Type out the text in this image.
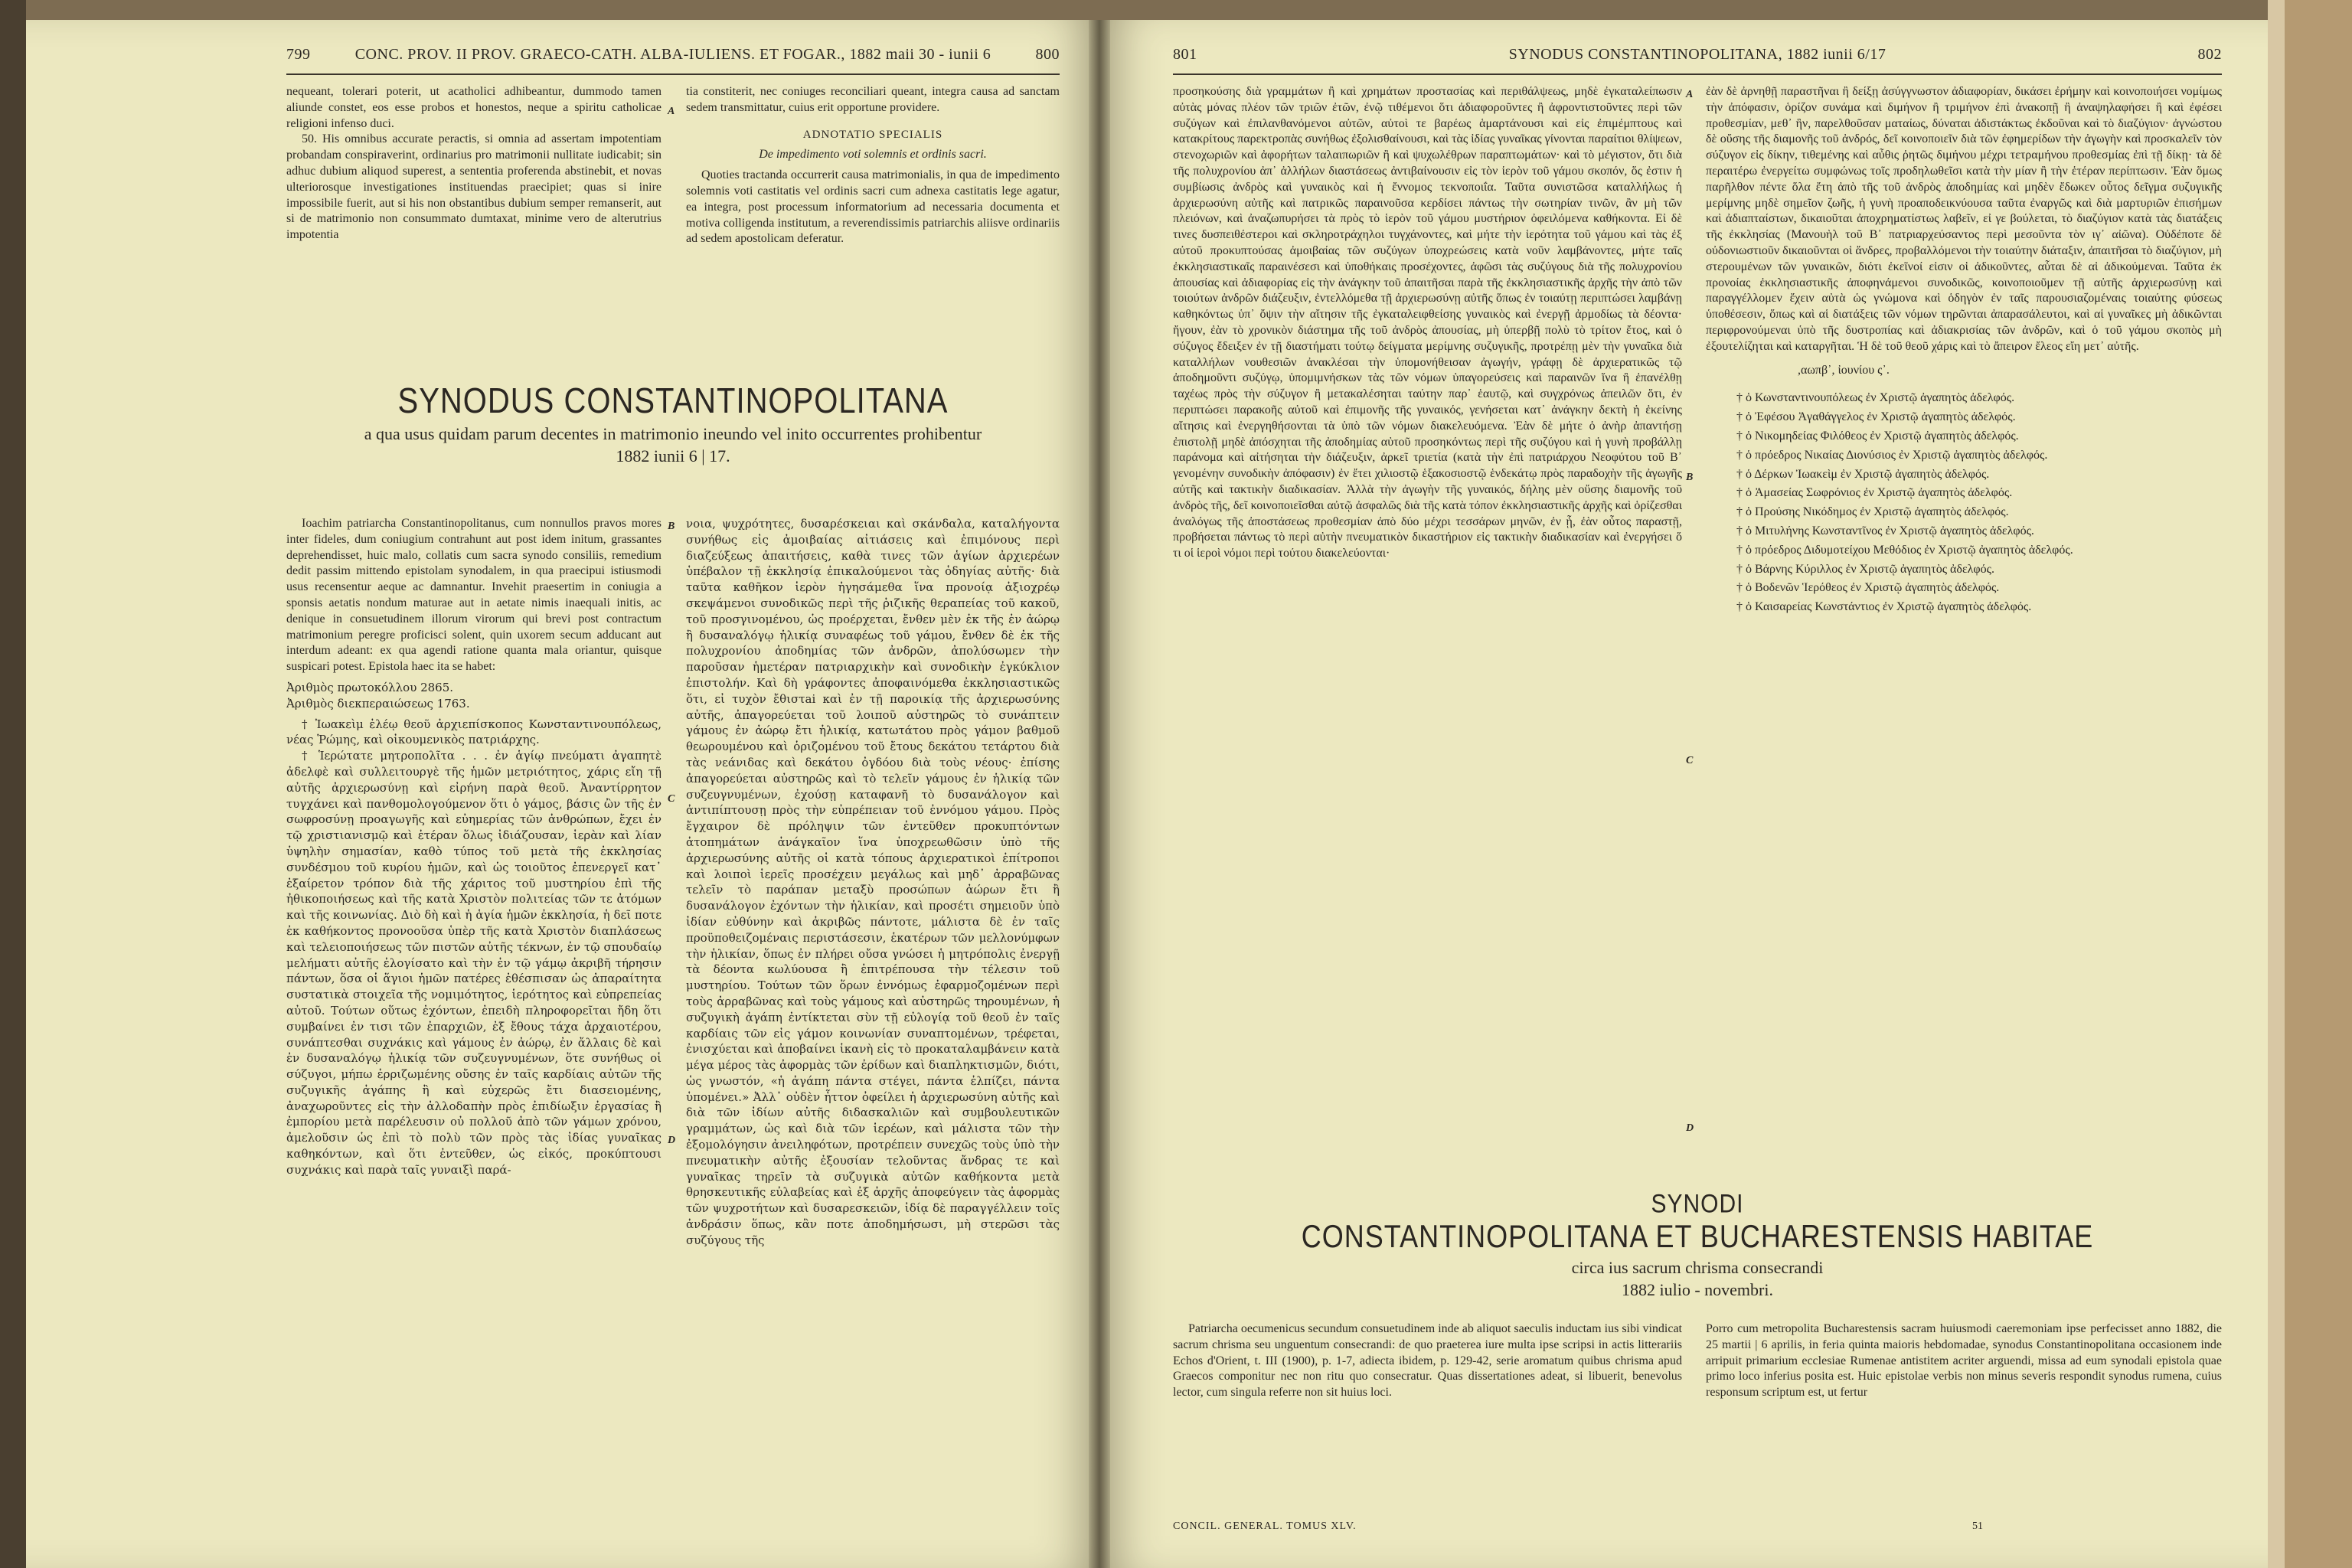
799	CONC. PROV. II PROV. GRAECO-CATH. ALBA-IULIENS. ET FOGAR., 1882 maii 30 - iunii 6	800

nequeant, tolerari poterit, ut acatholici adhibeantur, dummodo tamen aliunde constet, eos esse probos et honestos, neque a spiritu catholicae religioni infenso duci.

50. His omnibus accurate peractis, si omnia ad assertam impotentiam probandam conspiraverint, ordinarius pro matrimonii nullitate iudicabit; sin adhuc dubium aliquod superest, a sententia proferenda abstinebit, et novas ulteriorosque investigationes instituendas praecipiet; quas si inire impossibile fuerit, aut si his non obstantibus dubium semper remanserit, aut si de matrimonio non consummato dumtaxat, minime vero de alterutrius impotentia

tia constiterit, nec coniuges reconciliari queant, integra causa ad sanctam sedem transmittatur, cuius erit opportune providere.

ADNOTATIO SPECIALIS
De impedimento voti solemnis et ordinis sacri.

Quoties tractanda occurrerit causa matrimonialis, in qua de impedimento solemnis voti castitatis vel ordinis sacri cum adnexa castitatis lege agatur, ea integra, post processum informatorium ad necessaria documenta et motiva colligenda institutum, a reverendissimis patriarchis aliisve ordinariis ad sedem apostolicam deferatur.

SYNODUS CONSTANTINOPOLITANA

a qua usus quidam parum decentes in matrimonio ineundo vel inito occurrentes prohibentur

1882 iunii 6 | 17.

Ioachim patriarcha Constantinopolitanus, cum nonnullos pravos mores inter fideles, dum coniugium contrahunt aut post idem initum, grassantes deprehendisset, huic malo, collatis cum sacra synodo consiliis, remedium dedit passim mittendo epistolam synodalem, in qua praecipui istiusmodi usus recensentur aeque ac damnantur. Invehit praesertim in coniugia a sponsis aetatis nondum maturae aut in aetate nimis inaequali initis, ac denique in consuetudinem illorum virorum qui brevi post contractum matrimonium peregre proficisci solent, quin uxorem secum adducant aut interdum adeant: ex qua agendi ratione quanta mala oriantur, quisque suspicari potest. Epistola haec ita se habet:

Ἀριθμὸς πρωτοκόλλου 2865.

Ἀριθμὸς διεκπεραιώσεως 1763.

† Ἰωακεὶμ ἐλέῳ θεοῦ ἀρχιεπίσκοπος Κωνσταντινουπόλεως, νέας Ῥώμης, καὶ οἰκουμενικὸς πατριάρχης.

† Ἱερώτατε μητροπολῖτα . . . ἐν ἁγίῳ πνεύματι ἀγαπητὲ ἀδελφὲ καὶ συλλειτουργὲ τῆς ἡμῶν μετριότητος, χάρις εἴη τῇ αὐτῆς ἀρχιερωσύνῃ καὶ εἰρήνη παρὰ θεοῦ. Ἀναντίρρητον τυγχάνει καὶ πανθομολογούμενον ὅτι ὁ γάμος, βάσις ὢν τῆς ἐν σωφροσύνῃ προαγωγῆς καὶ εὐημερίας τῶν ἀνθρώπων, ἔχει ἐν τῷ χριστιανισμῷ καὶ ἑτέραν ὅλως ἰδιάζουσαν, ἱερὰν καὶ λίαν ὑψηλὴν σημασίαν, καθὸ τύπος τοῦ μετὰ τῆς ἐκκλησίας συνδέσμου τοῦ κυρίου ἡμῶν, καὶ ὡς τοιοῦτος ἐπενεργεῖ κατ᾽ ἐξαίρετον τρόπον διὰ τῆς χάριτος τοῦ μυστηρίου ἐπὶ τῆς ἠθικοποιήσεως καὶ τῆς κατὰ Χριστὸν πολιτείας τῶν τε ἀτόμων καὶ τῆς κοινωνίας. Διὸ δὴ καὶ ἡ ἁγία ἡμῶν ἐκκλησία, ἡ δεῖ ποτε ἐκ καθήκοντος προνοοῦσα ὑπὲρ τῆς κατὰ Χριστὸν διαπλάσεως καὶ τελειοποιήσεως τῶν πιστῶν αὐτῆς τέκνων, ἐν τῷ σπουδαίῳ μελήματι αὐτῆς ἐλογίσατο καὶ τὴν ἐν τῷ γάμῳ ἀκριβῆ τήρησιν πάντων, ὅσα οἱ ἅγιοι ἡμῶν πατέρες ἐθέσπισαν ὡς ἀπαραίτητα συστατικὰ στοιχεῖα τῆς νομιμότητος, ἱερότητος καὶ εὐπρεπείας αὐτοῦ. Τούτων οὕτως ἐχόντων, ἐπειδὴ πληροφορεῖται ἤδη ὅτι συμβαίνει ἐν τισι τῶν ἐπαρχιῶν, ἐξ ἔθους τάχα ἀρχαιοτέρου, συνάπτεσθαι συχνάκις καὶ γάμους ἐν ἀώρῳ, ἐν ἄλλαις δὲ καὶ ἐν δυσαναλόγῳ ἡλικίᾳ τῶν συζευγνυμένων, ὅτε συνήθως οἱ σύζυγοι, μήπω ἐρριζωμένης οὔσης ἐν ταῖς καρδίαις αὐτῶν τῆς συζυγικῆς ἀγάπης ἢ καὶ εὐχερῶς ἔτι διασειομένης, ἀναχωροῦντες εἰς τὴν ἀλλοδαπὴν πρὸς ἐπιδίωξιν ἐργασίας ἢ ἐμπορίου μετὰ παρέλευσιν οὐ πολλοῦ ἀπὸ τῶν γάμων χρόνου, ἀμελοῦσιν ὡς ἐπὶ τὸ πολὺ τῶν πρὸς τὰς ἰδίας γυναῖκας καθηκόντων, καὶ ὅτι ἐντεῦθεν, ὡς εἰκός, προκύπτουσι συχνάκις καὶ παρὰ ταῖς γυναιξὶ παρά-

νοια, ψυχρότητες, δυσαρέσκειαι καὶ σκάνδαλα, καταλήγοντα συνήθως εἰς ἀμοιβαίας αἰτιάσεις καὶ ἐπιμόνους περὶ διαζεύξεως ἀπαιτήσεις, καθὰ τινες τῶν ἁγίων ἀρχιερέων ὑπέβαλον τῇ ἐκκλησίᾳ ἐπικαλούμενοι τὰς ὁδηγίας αὐτῆς· διὰ ταῦτα καθῆκον ἱερὸν ἡγησάμεθα ἵνα προνοίᾳ ἀξιοχρέῳ σκεψάμενοι συνοδικῶς περὶ τῆς ῥιζικῆς θεραπείας τοῦ κακοῦ, τοῦ προσγινομένου, ὡς προέρχεται, ἔνθεν μὲν ἐκ τῆς ἐν ἀώρῳ ἢ δυσαναλόγῳ ἡλικίᾳ συναφέως τοῦ γάμου, ἔνθεν δὲ ἐκ τῆς πολυχρονίου ἀποδημίας τῶν ἀνδρῶν, ἀπολύσωμεν τὴν παροῦσαν ἡμετέραν πατριαρχικὴν καὶ συνοδικὴν ἐγκύκλιον ἐπιστολήν. Καὶ δὴ γράφοντες ἀποφαινόμεθα ἐκκλησιαστικῶς ὅτι, εἰ τυχὸν ἔθιστai καὶ ἐν τῇ παροικίᾳ τῆς ἀρχιερωσύνης αὐτῆς, ἀπαγορεύεται τοῦ λοιποῦ αὐστηρῶς τὸ συνάπτειν γάμους ἐν ἀώρῳ ἔτι ἡλικίᾳ, κατωτάτου πρὸς γάμον βαθμοῦ θεωρουμένου καὶ ὁριζομένου τοῦ ἔτους δεκάτου τετάρτου διὰ τὰς νεάνιδας καὶ δεκάτου ὀγδόου διὰ τοὺς νέους· ἐπίσης ἀπαγορεύεται αὐστηρῶς καὶ τὸ τελεῖν γάμους ἐν ἡλικίᾳ τῶν συζευγνυμένων, ἐχούσῃ καταφανῆ τὸ δυσανάλογον καὶ ἀντιπίπτουσῃ πρὸς τὴν εὐπρέπειαν τοῦ ἐννόμου γάμου. Πρὸς ἔγχαιρον δὲ πρόληψιν τῶν ἐντεῦθεν προκυπτόντων ἀτοπημάτων ἀνάγκαῖον ἵνα ὑποχρεωθῶσιν ὑπὸ τῆς ἀρχιερωσύνης αὐτῆς οἱ κατὰ τόπους ἀρχιερατικοὶ ἐπίτροποι καὶ λοιποὶ ἱερεῖς προσέχειν μεγάλως καὶ μηδ᾽ ἀρραβῶνας τελεῖν τὸ παράπαν μεταξὺ προσώπων ἀώρων ἔτι ἢ δυσανάλογον ἐχόντων τὴν ἡλικίαν, καὶ προσέτι σημειοῦν ὑπὸ ἰδίαν εὐθύνην καὶ ἀκριβῶς πάντοτε, μάλιστα δὲ ἐν ταῖς προϋποθειζομέναις περιστάσεσιν, ἑκατέρων τῶν μελλονύμφων τὴν ἡλικίαν, ὅπως ἐν πλήρει οὔσα γνώσει ἡ μητρόπολις ἐνεργῇ τὰ δέοντα κωλύουσα ἢ ἐπιτρέπουσα τὴν τέλεσιν τοῦ μυστηρίου. Τούτων τῶν ὅρων ἐννόμως ἐφαρμοζομένων περὶ τοὺς ἀρραβῶνας καὶ τοὺς γάμους καὶ αὐστηρῶς τηρουμένων, ἡ συζυγικὴ ἀγάπη ἐντίκτεται σὺν τῇ εὐλογίᾳ τοῦ θεοῦ ἐν ταῖς καρδίαις τῶν εἰς γάμον κοινωνίαν συναπτομένων, τρέφεται, ἐνισχύεται καὶ ἀποβαίνει ἱκανὴ εἰς τὸ προκαταλαμβάνειν κατὰ μέγα μέρος τὰς ἀφορμὰς τῶν ἐρίδων καὶ διαπληκτισμῶν, διότι, ὡς γνωστόν, «ἡ ἀγάπη πάντα στέγει, πάντα ἐλπίζει, πάντα ὑπομένει.» Ἀλλ᾽ οὐδὲν ἧττον ὀφείλει ἡ ἀρχιερωσύνη αὐτῆς καὶ διὰ τῶν ἰδίων αὐτῆς διδασκαλιῶν καὶ συμβουλευτικῶν γραμμάτων, ὡς καὶ διὰ τῶν ἱερέων, καὶ μάλιστα τῶν τὴν ἐξομολόγησιν ἀνειληφότων, προτρέπειν συνεχῶς τοὺς ὑπὸ τὴν πνευματικὴν αὐτῆς ἐξουσίαν τελοῦντας ἄνδρας τε καὶ γυναῖκας τηρεῖν τὰ συζυγικὰ αὐτῶν καθήκοντα μετὰ θρησκευτικῆς εὐλαβείας καὶ ἐξ ἀρχῆς ἀποφεύγειν τὰς ἀφορμὰς τῶν ψυχροτήτων καὶ δυσαρεσκειῶν, ἰδίᾳ δὲ παραγγέλλειν τοῖς ἀνδράσιν ὅπως, κἂν ποτε ἀποδημήσωσι, μὴ στερῶσι τὰς συζύγους τῆς

A
B
C
D
801	SYNODUS CONSTANTINOPOLITANA, 1882 iunii 6/17	802

προσηκούσης διὰ γραμμάτων ἢ καὶ χρημάτων προστασίας καὶ περιθάλψεως, μηδὲ ἐγκαταλείπωσιν αὐτὰς μόνας πλέον τῶν τριῶν ἐτῶν, ἐνῷ τιθέμενοι ὅτι ἀδιαφοροῦντες ἢ ἀφροντιστοῦντες περὶ τῶν συζύγων καὶ ἐπιλανθανόμενοι αὐτῶν, αὐτοὶ τε βαρέως ἁμαρτάνουσι καὶ εἰς ἐπιμέμπτους καὶ κατακρίτους παρεκτροπὰς συνήθως ἐξολισθαίνουσι, καὶ τὰς ἰδίας γυναῖκας γίνονται παραίτιοι θλίψεων, στενοχωριῶν καὶ ἀφορήτων ταλαιπωριῶν ἢ καὶ ψυχωλέθρων παραπτωμάτων· καὶ τὸ μέγιστον, ὅτι διὰ τῆς πολυχρονίου ἀπ᾽ ἀλλήλων διαστάσεως ἀντιβαίνουσιν εἰς τὸν ἱερὸν τοῦ γάμου σκοπόν, ὅς ἐστιν ἡ συμβίωσις ἀνδρὸς καὶ γυναικὸς καὶ ἡ ἔννομος τεκνοποιΐα. Ταῦτα συνιστῶσα καταλλήλως ἡ ἀρχιερωσύνη αὐτῆς καὶ πατρικῶς παραινοῦσα κερδίσει πάντως τὴν σωτηρίαν τινῶν, ἂν μὴ τῶν πλειόνων, καὶ ἀναζωπυρήσει τὰ πρὸς τὸ ἱερὸν τοῦ γάμου μυστήριον ὀφειλόμενα καθήκοντα. Εἰ δὲ τινες δυσπειθέστεροι καὶ σκληροτράχηλοι τυγχάνοντες, καὶ μήτε τὴν ἱερότητα τοῦ γάμου καὶ τὰς ἐξ αὐτοῦ προκυπτούσας ἀμοιβαίας τῶν συζύγων ὑποχρεώσεις κατὰ νοῦν λαμβάνοντες, μήτε ταῖς ἐκκλησιαστικαῖς παραινέσεσι καὶ ὑποθήκαις προσέχοντες, ἀφῶσι τὰς συζύγους διὰ τῆς πολυχρονίου ἀπουσίας καὶ ἀδιαφορίας εἰς τὴν ἀνάγκην τοῦ ἀπαιτῆσαι παρὰ τῆς ἐκκλησιαστικῆς ἀρχῆς τὴν ἀπὸ τῶν τοιούτων ἀνδρῶν διάζευξιν, ἐντελλόμεθα τῇ ἀρχιερωσύνῃ αὐτῆς ὅπως ἐν τοιαύτῃ περιπτώσει λαμβάνῃ καθηκόντως ὑπ᾽ ὄψιν τὴν αἴτησιν τῆς ἐγκαταλειφθείσης γυναικὸς καὶ ἐνεργῇ ἀρμοδίως τὰ δέοντα· ἤγουν, ἐὰν τὸ χρονικὸν διάστημα τῆς τοῦ ἀνδρὸς ἀπουσίας, μὴ ὑπερβῇ πολὺ τὸ τρίτον ἔτος, καὶ ὁ σύζυγος ἔδειξεν ἐν τῇ διαστήματι τούτῳ δείγματα μερίμνης συζυγικῆς, προτρέπῃ μὲν τὴν γυναῖκα διὰ καταλλήλων νουθεσιῶν ἀνακλέσαι τὴν ὑπομονήθεισαν ἀγωγήν, γράφῃ δὲ ἀρχιερατικῶς τῷ ἀποδημοῦντι συζύγῳ, ὑπομιμνήσκων τὰς τῶν νόμων ὑπαγορεύσεις καὶ παραινῶν ἵνα ἢ ἐπανέλθῃ ταχέως πρὸς τὴν σύζυγον ἢ μετακαλέσηται ταύτην παρ᾽ ἑαυτῷ, καὶ συγχρόνως ἀπειλῶν ὅτι, ἐν περιπτώσει παρακοῆς αὐτοῦ καὶ ἐπιμονῆς τῆς γυναικός, γενήσεται κατ᾽ ἀνάγκην δεκτὴ ἡ ἐκείνης αἴτησις καὶ ἐνεργηθήσονται τὰ ὑπὸ τῶν νόμων διακελευόμενα. Ἐὰν δὲ μήτε ὁ ἀνὴρ ἀπαντήσῃ ἐπιστολῇ μηδὲ ἀπόσχηται τῆς ἀποδημίας αὐτοῦ προσηκόντως περὶ τῆς συζύγου καὶ ἡ γυνὴ προβάλλῃ παράνομα καὶ αἰτήσηται τὴν διάζευξιν, ἀρκεῖ τριετία (κατὰ τὴν ἐπὶ πατριάρχου Νεοφύτου τοῦ Β᾽ γενομένην συνοδικὴν ἀπόφασιν) ἐν ἔτει χιλιοστῷ ἑξακοσιοστῷ ἑνδεκάτῳ πρὸς παραδοχὴν τῆς ἀγωγῆς αὐτῆς καὶ τακτικὴν διαδικασίαν. Ἀλλὰ τὴν ἀγωγὴν τῆς γυναικός, δήλης μὲν οὔσης διαμονῆς τοῦ ἀνδρὸς τῆς, δεῖ κοινοποιεῖσθαι αὐτῷ ἀσφαλῶς διὰ τῆς κατὰ τόπον ἐκκλησιαστικῆς ἀρχῆς καὶ ὁρίζεσθαι ἀναλόγως τῆς ἀποστάσεως προθεσμίαν ἀπὸ δύο μέχρι τεσσάρων μηνῶν, ἐν ᾗ, ἐὰν οὗτος παραστῇ, προβήσεται πάντως τὸ περὶ αὐτὴν πνευματικὸν δικαστήριον εἰς τακτικὴν διαδικασίαν καὶ ἐνεργήσει ὅ τι οἱ ἱεροὶ νόμοι περὶ τούτου διακελεύονται·

ἐὰν δὲ ἀρνηθῇ παραστῆναι ἢ δείξῃ ἀσύγγνωστον ἀδιαφορίαν, δικάσει ἐρήμην καὶ κοινοποιήσει νομίμως τὴν ἀπόφασιν, ὁρίζον συνάμα καὶ διμήνον ἢ τριμήνον ἐπὶ ἀνακοπῇ ἢ ἀναψηλαφήσει ἢ καὶ ἐφέσει προθεσμίαν, μεθ᾽ ἣν, παρελθοῦσαν ματαίως, δύναται ἀδιστάκτως ἐκδοῦναι καὶ τὸ διαζύγιον· ἀγνώστου δὲ οὔσης τῆς διαμονῆς τοῦ ἀνδρός, δεῖ κοινοποιεῖν διὰ τῶν ἐφημερίδων τὴν ἀγωγὴν καὶ προσκαλεῖν τὸν σύζυγον εἰς δίκην, τιθεμένης καὶ αὖθις ῥητῶς διμήνου μέχρι τετραμήνου προθεσμίας ἐπὶ τῇ δίκῃ· τὰ δὲ περαιτέρω ἐνεργείτω συμφώνως τοῖς προδηλωθεῖσι κατὰ τὴν μίαν ἢ τὴν ἑτέραν περίπτωσιν. Ἐὰν ὅμως παρῆλθον πέντε ὅλα ἔτη ἀπὸ τῆς τοῦ ἀνδρὸς ἀποδημίας καὶ μηδὲν ἔδωκεν οὗτος δεῖγμα συζυγικῆς μερίμνης μηδὲ σημεῖον ζωῆς, ἡ γυνὴ προαποδεικνύουσα ταῦτα ἐναργῶς καὶ διὰ μαρτυριῶν ἐπισήμων καὶ ἀδιαπταίστων, δικαιοῦται ἀποχρηματίστως λαβεῖν, εἰ γε βούλεται, τὸ διαζύγιον κατὰ τὰς διατάξεις τῆς ἐκκλησίας (Μανουὴλ τοῦ Β᾽ πατριαρχεύσαντος περὶ μεσοῦντα τὸν ιγ᾽ αἰῶνα). Οὐδέποτε δὲ οὐδονιωστιοῦν δικαιοῦνται οἱ ἄνδρες, προβαλλόμενοι τὴν τοιαύτην διάταξιν, ἀπαιτῆσαι τὸ διαζύγιον, μὴ στερουμένων τῶν γυναικῶν, διότι ἐκεῖνοί εἰσιν οἱ ἀδικοῦντες, αὗται δὲ αἱ ἀδικούμεναι. Ταῦτα ἐκ προνοίας ἐκκλησιαστικῆς ἀποφηνάμενοι συνοδικῶς, κοινοποιοῦμεν τῇ αὐτῆς ἀρχιερωσύνῃ καὶ παραγγέλλομεν ἔχειν αὐτὰ ὡς γνώμονα καὶ ὁδηγὸν ἐν ταῖς παρουσιαζομέναις τοιαύτης φύσεως ὑποθέσεσιν, ὅπως καὶ αἱ διατάξεις τῶν νόμων τηρῶνται ἀπαρασάλευτοι, καὶ αἱ γυναῖκες μὴ ἀδικῶνται περιφρονούμεναι ὑπὸ τῆς δυστροπίας καὶ ἀδιακρισίας τῶν ἀνδρῶν, καὶ ὁ τοῦ γάμου σκοπὸς μὴ ἐξουτελίζηται καὶ καταργῆται. Ἡ δὲ τοῦ θεοῦ χάρις καὶ τὸ ἄπειρον ἔλεος εἴη μετ᾽ αὐτῆς.

,αωπβ᾽, ἰουνίου ς᾽.

† ὁ Κωνσταντινουπόλεως ἐν Χριστῷ ἀγαπητὸς ἀδελφός.
† ὁ Ἐφέσου Ἀγαθάγγελος ἐν Χριστῷ ἀγαπητὸς ἀδελφός.
† ὁ Νικομηδείας Φιλόθεος ἐν Χριστῷ ἀγαπητὸς ἀδελφός.
† ὁ πρόεδρος Νικαίας Διονύσιος ἐν Χριστῷ ἀγαπητὸς ἀδελφός.
† ὁ Δέρκων Ἰωακεὶμ ἐν Χριστῷ ἀγαπητὸς ἀδελφός.
† ὁ Ἀμασείας Σωφρόνιος ἐν Χριστῷ ἀγαπητὸς ἀδελφός.
† ὁ Προύσης Νικόδημος ἐν Χριστῷ ἀγαπητὸς ἀδελφός.
† ὁ Μιτυλήνης Κωνσταντῖνος ἐν Χριστῷ ἀγαπητὸς ἀδελφός.
† ὁ πρόεδρος Διδυμοτείχου Μεθόδιος ἐν Χριστῷ ἀγαπητὸς ἀδελφός.
† ὁ Βάρνης Κύριλλος ἐν Χριστῷ ἀγαπητὸς ἀδελφός.
† ὁ Βοδενῶν Ἱερόθεος ἐν Χριστῷ ἀγαπητὸς ἀδελφός.
† ὁ Καισαρείας Κωνστάντιος ἐν Χριστῷ ἀγαπητὸς ἀδελφός.
A
B
C
D

SYNODI

CONSTANTINOPOLITANA ET BUCHARESTENSIS HABITAE

circa ius sacrum chrisma consecrandi

1882 iulio - novembri.

Patriarcha oecumenicus secundum consuetudinem inde ab aliquot saeculis inductam ius sibi vindicat sacrum chrisma seu unguentum consecrandi: de quo praeterea iure multa ipse scripsi in actis litterariis Echos d'Orient, t. III (1900), p. 1-7, adiecta ibidem, p. 129-42, serie aromatum quibus chrisma apud Graecos componitur nec non ritu quo consecratur. Quas dissertationes adeat, si libuerit, benevolus lector, cum singula referre non sit huius loci.

Porro cum metropolita Bucharestensis sacram huiusmodi caeremoniam ipse perfecisset anno 1882, die 25 martii | 6 aprilis, in feria quinta maioris hebdomadae, synodus Constantinopolitana occasionem inde arripuit primarium ecclesiae Rumenae antistitem acriter arguendi, missa ad eum synodali epistola quae primo loco inferius posita est. Huic epistolae verbis non minus severis respondit synodus rumena, cuius responsum scriptum est, ut fertur

CONCIL. GENERAL. TOMUS XLV.	51
